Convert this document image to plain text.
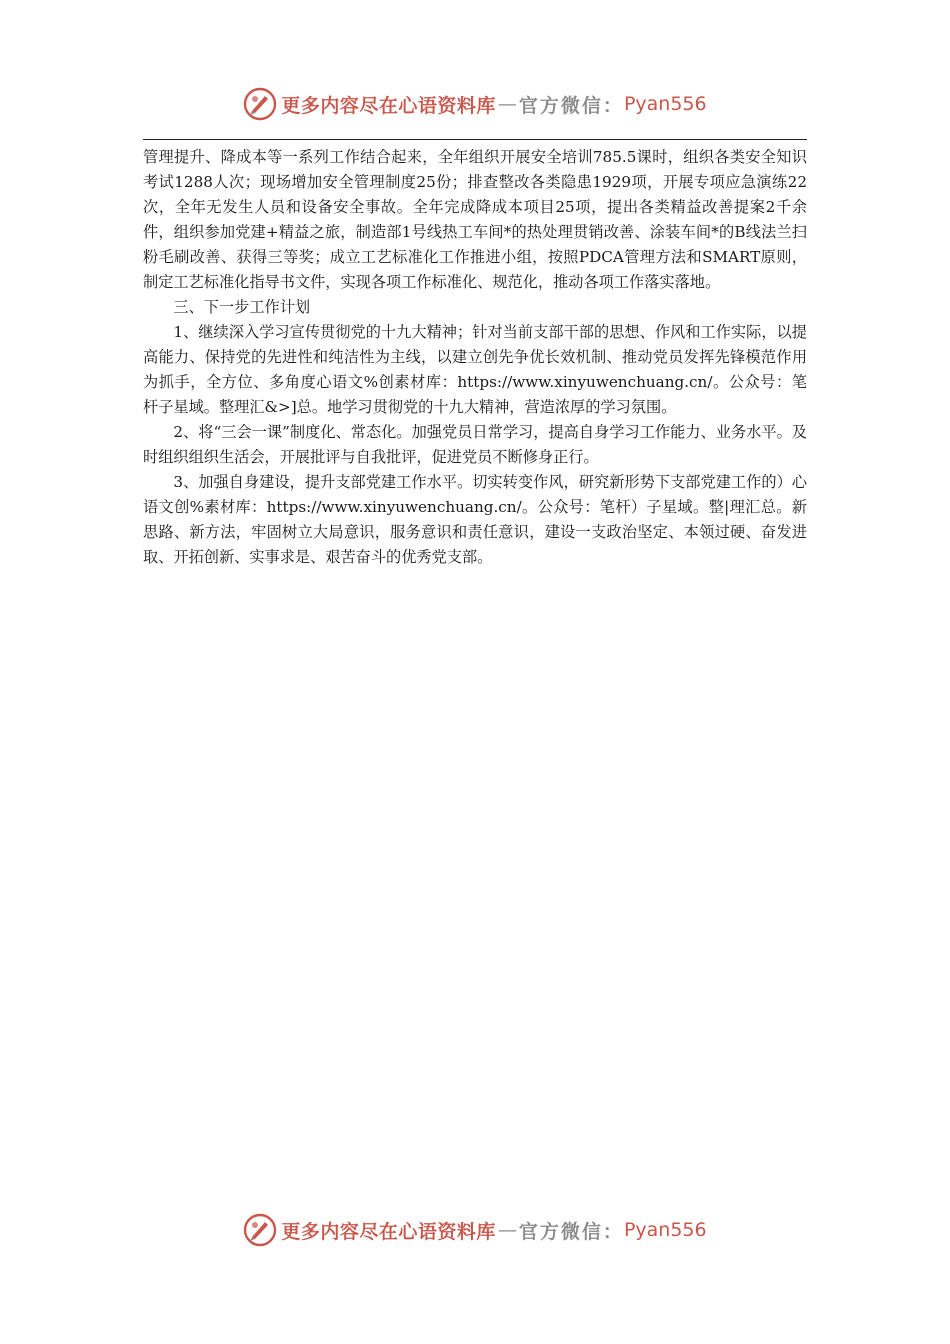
更多内容尽在心语资料库 — 官方微信： Pyan556

管理提升、降成本等一系列工作结合起来，全年组织开展安全培训785.5课时，组织各类安全知识考试1288人次；现场增加安全管理制度25份；排查整改各类隐患1929项，开展专项应急演练22次，全年无发生人员和设备安全事故。全年完成降成本项目25项，提出各类精益改善提案2千余件，组织参加党建+精益之旅，制造部1号线热工车间*的热处理贯销改善、涂装车间*的B线法兰扫粉毛刷改善、获得三等奖；成立工艺标准化工作推进小组，按照PDCA管理方法和SMART原则，制定工艺标准化指导书文件，实现各项工作标准化、规范化，推动各项工作落实落地。

三、下一步工作计划

1、继续深入学习宣传贯彻党的十九大精神；针对当前支部干部的思想、作风和工作实际，以提高能力、保持党的先进性和纯洁性为主线，以建立创先争优长效机制、推动党员发挥先锋模范作用为抓手，全方位、多角度心语文%创素材库：https://www.xinyuwenchuang.cn/。公众号：笔杆子星域。整理汇&>]总。地学习贯彻党的十九大精神，营造浓厚的学习氛围。

2、将“三会一课”制度化、常态化。加强党员日常学习，提高自身学习工作能力、业务水平。及时组织组织生活会，开展批评与自我批评，促进党员不断修身正行。

3、加强自身建设，提升支部党建工作水平。切实转变作风，研究新形势下支部党建工作的）心语文创%素材库：https://www.xinyuwenchuang.cn/。公众号：笔杆）子星域。整|理汇总。新思路、新方法，牢固树立大局意识，服务意识和责任意识，建设一支政治坚定、本领过硬、奋发进取、开拓创新、实事求是、艰苦奋斗的优秀党支部。

更多内容尽在心语资料库 — 官方微信： Pyan556
